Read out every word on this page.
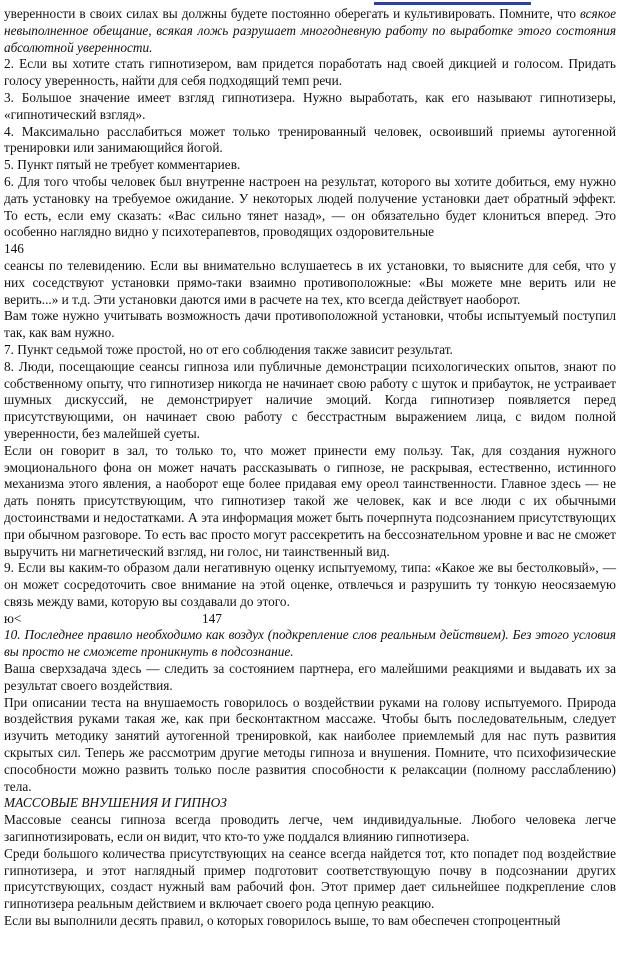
уверенности в своих силах вы должны будете постоянно оберегать и культивировать. Помните, что всякое невыполненное обещание, всякая ложь разрушает многодневную работу по выработке этого состояния абсолютной уверенности.

2. Если вы хотите стать гипнотизером, вам придется поработать над своей дикцией и голосом. Придать голосу уверенность, найти для себя подходящий темп речи.

3. Большое значение имеет взгляд гипнотизера. Нужно выработать, как его называют гипнотизеры, «гипнотический взгляд».

4. Максимально расслабиться может только тренированный человек, освоивший приемы аутогенной тренировки или занимающийся йогой.

5. Пункт пятый не требует комментариев.

6. Для того чтобы человек был внутренне настроен на результат, которого вы хотите добиться, ему нужно дать установку на требуемое ожидание. У некоторых людей получение установки дает обратный эффект. То есть, если ему сказать: «Вас сильно тянет назад», — он обязательно будет клониться вперед. Это особенно наглядно видно у психотерапевтов, проводящих оздоровительные

146

сеансы по телевидению. Если вы внимательно вслушаетесь в их установки, то выясните для себя, что у них соседствуют установки прямо-таки взаимно противоположные: «Вы можете мне верить или не верить...» и т.д. Эти установки даются ими в расчете на тех, кто всегда действует наоборот.

Вам тоже нужно учитывать возможность дачи противоположной установки, чтобы испытуемый поступил так, как вам нужно.

7. Пункт седьмой тоже простой, но от его соблюдения также зависит результат.

8. Люди, посещающие сеансы гипноза или публичные демонстрации психологических опытов, знают по собственному опыту, что гипнотизер никогда не начинает свою работу с шуток и прибауток, не устраивает шумных дискуссий, не демонстрирует наличие эмоций. Когда гипнотизер появляется перед присутствующими, он начинает свою работу с бесстрастным выражением лица, с видом полной уверенности, без малейшей суеты.

Если он говорит в зал, то только то, что может принести ему пользу. Так, для создания нужного эмоционального фона он может начать рассказывать о гипнозе, не раскрывая, естественно, истинного механизма этого явления, а наоборот еще более придавая ему ореол таинственности. Главное здесь — не дать понять присутствующим, что гипнотизер такой же человек, как и все люди с их обычными достоинствами и недостатками. А эта информация может быть почерпнута подсознанием присутствующих при обычном разговоре. То есть вас просто могут рассекретить на бессознательном уровне и вас не сможет выручить ни магнетический взгляд, ни голос, ни таинственный вид.

9. Если вы каким-то образом дали негативную оценку испытуемому, типа: «Какое же вы бестолковый», — он может сосредоточить свое внимание на этой оценке, отвлечься и разрушить ту тонкую неосязаемую связь между вами, которую вы создавали до этого.

ю<	147

10. Последнее правило необходимо как воздух (подкрепление слов реальным действием). Без этого условия вы просто не сможете проникнуть в подсознание.

Ваша сверхзадача здесь — следить за состоянием партнера, его малейшими реакциями и выдавать их за результат своего воздействия.

При описании теста на внушаемость говорилось о воздействии руками на голову испытуемого. Природа воздействия руками такая же, как при бесконтактном массаже. Чтобы быть последовательным, следует изучить методику занятий аутогенной тренировкой, как наиболее приемлемый для нас путь развития скрытых сил. Теперь же рассмотрим другие методы гипноза и внушения. Помните, что психофизические способности можно развить только после развития способности к релаксации (полному расслаблению) тела.

МАССОВЫЕ ВНУШЕНИЯ И ГИПНОЗ

Массовые сеансы гипноза всегда проводить легче, чем индивидуальные. Любого человека легче загипнотизировать, если он видит, что кто-то уже поддался влиянию гипнотизера.

Среди большого количества присутствующих на сеансе всегда найдется тот, кто попадет под воздействие гипнотизера, и этот наглядный пример подготовит соответствующую почву в подсознании других присутствующих, создаст нужный вам рабочий фон. Этот пример дает сильнейшее подкрепление слов гипнотизера реальным действием и включает своего рода цепную реакцию.

Если вы выполнили десять правил, о которых говорилось выше, то вам обеспечен стопроцентный
